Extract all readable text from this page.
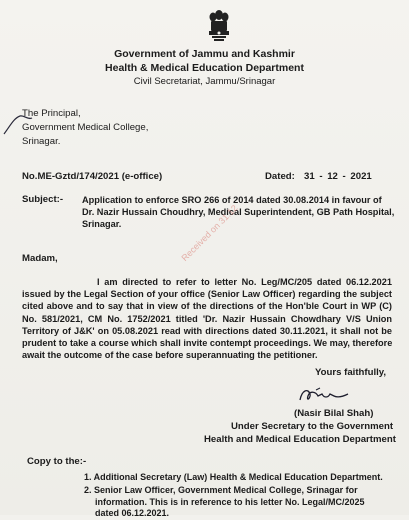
Government of Jammu and Kashmir
Health & Medical Education Department
Civil Secretariat, Jammu/Srinagar
The Principal,
Government Medical College,
Srinagar.
No.ME-Gztd/174/2021 (e-office)	Dated: 31 - 12 - 2021
Subject:- Application to enforce SRO 266 of 2014 dated 30.08.2014 in favour of
Dr. Nazir Hussain Choudhry, Medical Superintendent, GB Path Hospital,
Srinagar.	Received on 31.12
Madam,
I am directed to refer to letter No. Leg/MC/205 dated 06.12.2021
issued by the Legal Section of your office (Senior Law Officer) regarding the subject
cited above and to say that in view of the directions of the Hon'ble Court in WP (C)
No. 581/2021, CM No. 1752/2021 titled 'Dr. Nazir Hussain Chowdhary V/S Union
Territory of J&K' on 05.08.2021 read with directions dated 30.11.2021, it shall not be
prudent to take a course which shall invite contempt proceedings. We may, therefore
await the outcome of the case before superannuating the petitioner.
Yours faithfully,
(Nasir Bilal Shah)
Under Secretary to the Government
Health and Medical Education Department
Copy to the:-
1. Additional Secretary (Law) Health & Medical Education Department.
2. Senior Law Officer, Government Medical College, Srinagar for
information. This is in reference to his letter No. Legal/MC/2025
dated 06.12.2021.
